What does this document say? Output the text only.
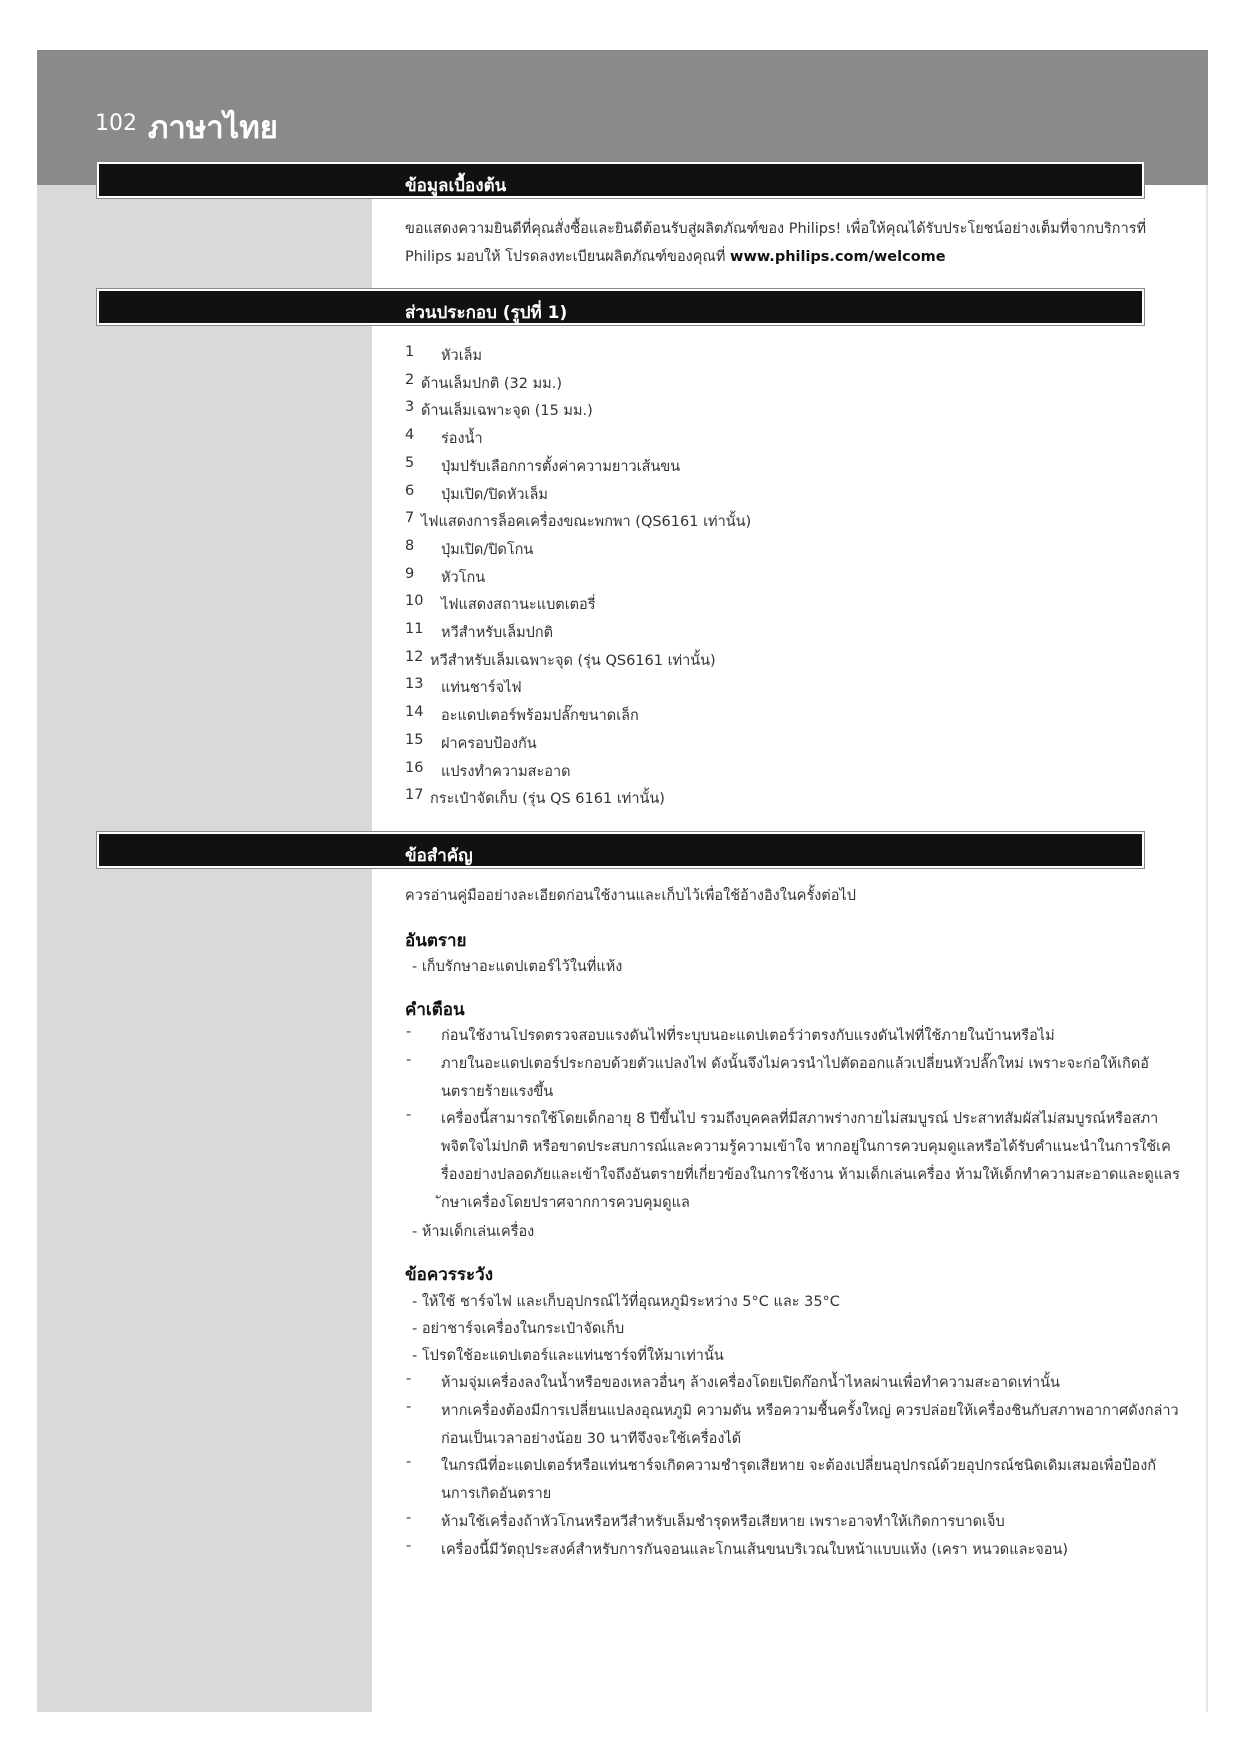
102 ภาษาไทย
ข้อมูลเบื้องต้น
ขอแสดงความยินดีที่คุณสั่งซื้อและยินดีต้อนรับสู่ผลิตภัณฑ์ของ Philips! เพื่อให้คุณได้รับประโยชน์อย่างเต็มที่จากบริการที่
Philips มอบให้ โปรดลงทะเบียนผลิตภัณฑ์ของคุณที่ www.philips.com/welcome
ส่วนประกอบ (รูปที่ 1)
1 หัวเล็ม
2 ด้านเล็มปกติ (32 มม.)
3 ด้านเล็มเฉพาะจุด (15 มม.)
4 ร่องน้ำ
5 ปุ่มปรับเลือกการตั้งค่าความยาวเส้นขน
6 ปุ่มเปิด/ปิดหัวเล็ม
7 ไฟแสดงการล็อคเครื่องขณะพกพา (QS6161 เท่านั้น)
8 ปุ่มเปิด/ปิดโกน
9 หัวโกน
10 ไฟแสดงสถานะแบตเตอรี่
11 หวีสำหรับเล็มปกติ
12 หวีสำหรับเล็มเฉพาะจุด (รุ่น QS6161 เท่านั้น)
13 แท่นชาร์จไฟ
14 อะแดปเตอร์พร้อมปลั๊กขนาดเล็ก
15 ฝาครอบป้องกัน
16 แปรงทำความสะอาด
17 กระเป๋าจัดเก็บ (รุ่น QS 6161 เท่านั้น)
ข้อสำคัญ
ควรอ่านคู่มืออย่างละเอียดก่อนใช้งานและเก็บไว้เพื่อใช้อ้างอิงในครั้งต่อไป
อันตราย
- เก็บรักษาอะแดปเตอร์ไว้ในที่แห้ง
คำเตือน
- ก่อนใช้งานโปรดตรวจสอบแรงดันไฟที่ระบุบนอะแดปเตอร์ว่าตรงกับแรงดันไฟที่ใช้ภายในบ้านหรือไม่
- ภายในอะแดปเตอร์ประกอบด้วยตัวแปลงไฟ ดังนั้นจึงไม่ควรนำไปตัดออกแล้วเปลี่ยนหัวปลั๊กใหม่ เพราะจะก่อให้เกิดอั
นตรายร้ายแรงขึ้น
- เครื่องนี้สามารถใช้โดยเด็กอายุ 8 ปีขึ้นไป รวมถึงบุคคลที่มีสภาพร่างกายไม่สมบูรณ์ ประสาทสัมผัสไม่สมบูรณ์หรือสภา
พจิตใจไม่ปกติ หรือขาดประสบการณ์และความรู้ความเข้าใจ หากอยู่ในการควบคุมดูแลหรือได้รับคำแนะนำในการใช้เค
รื่องอย่างปลอดภัยและเข้าใจถึงอันตรายที่เกี่ยวข้องในการใช้งาน ห้ามเด็กเล่นเครื่อง ห้ามให้เด็กทำความสะอาดและดูแลร
ักษาเครื่องโดยปราศจากการควบคุมดูแล
- ห้ามเด็กเล่นเครื่อง
ข้อควรระวัง
- ให้ใช้ ชาร์จไฟ และเก็บอุปกรณ์ไว้ที่อุณหภูมิระหว่าง 5°C และ 35°C
- อย่าชาร์จเครื่องในกระเป๋าจัดเก็บ
- โปรดใช้อะแดปเตอร์และแท่นชาร์จที่ให้มาเท่านั้น
- ห้ามจุ่มเครื่องลงในน้ำหรือของเหลวอื่นๆ ล้างเครื่องโดยเปิดก๊อกน้ำไหลผ่านเพื่อทำความสะอาดเท่านั้น
- หากเครื่องต้องมีการเปลี่ยนแปลงอุณหภูมิ ความดัน หรือความชื้นครั้งใหญ่ ควรปล่อยให้เครื่องชินกับสภาพอากาศดังกล่าว
ก่อนเป็นเวลาอย่างน้อย 30 นาทีจึงจะใช้เครื่องได้
- ในกรณีที่อะแดปเตอร์หรือแท่นชาร์จเกิดความชำรุดเสียหาย จะต้องเปลี่ยนอุปกรณ์ด้วยอุปกรณ์ชนิดเดิมเสมอเพื่อป้องกั
นการเกิดอันตราย
- ห้ามใช้เครื่องถ้าหัวโกนหรือหวีสำหรับเล็มชำรุดหรือเสียหาย เพราะอาจทำให้เกิดการบาดเจ็บ
- เครื่องนี้มีวัตถุประสงค์สำหรับการกันจอนและโกนเส้นขนบริเวณใบหน้าแบบแห้ง (เครา หนวดและจอน)
